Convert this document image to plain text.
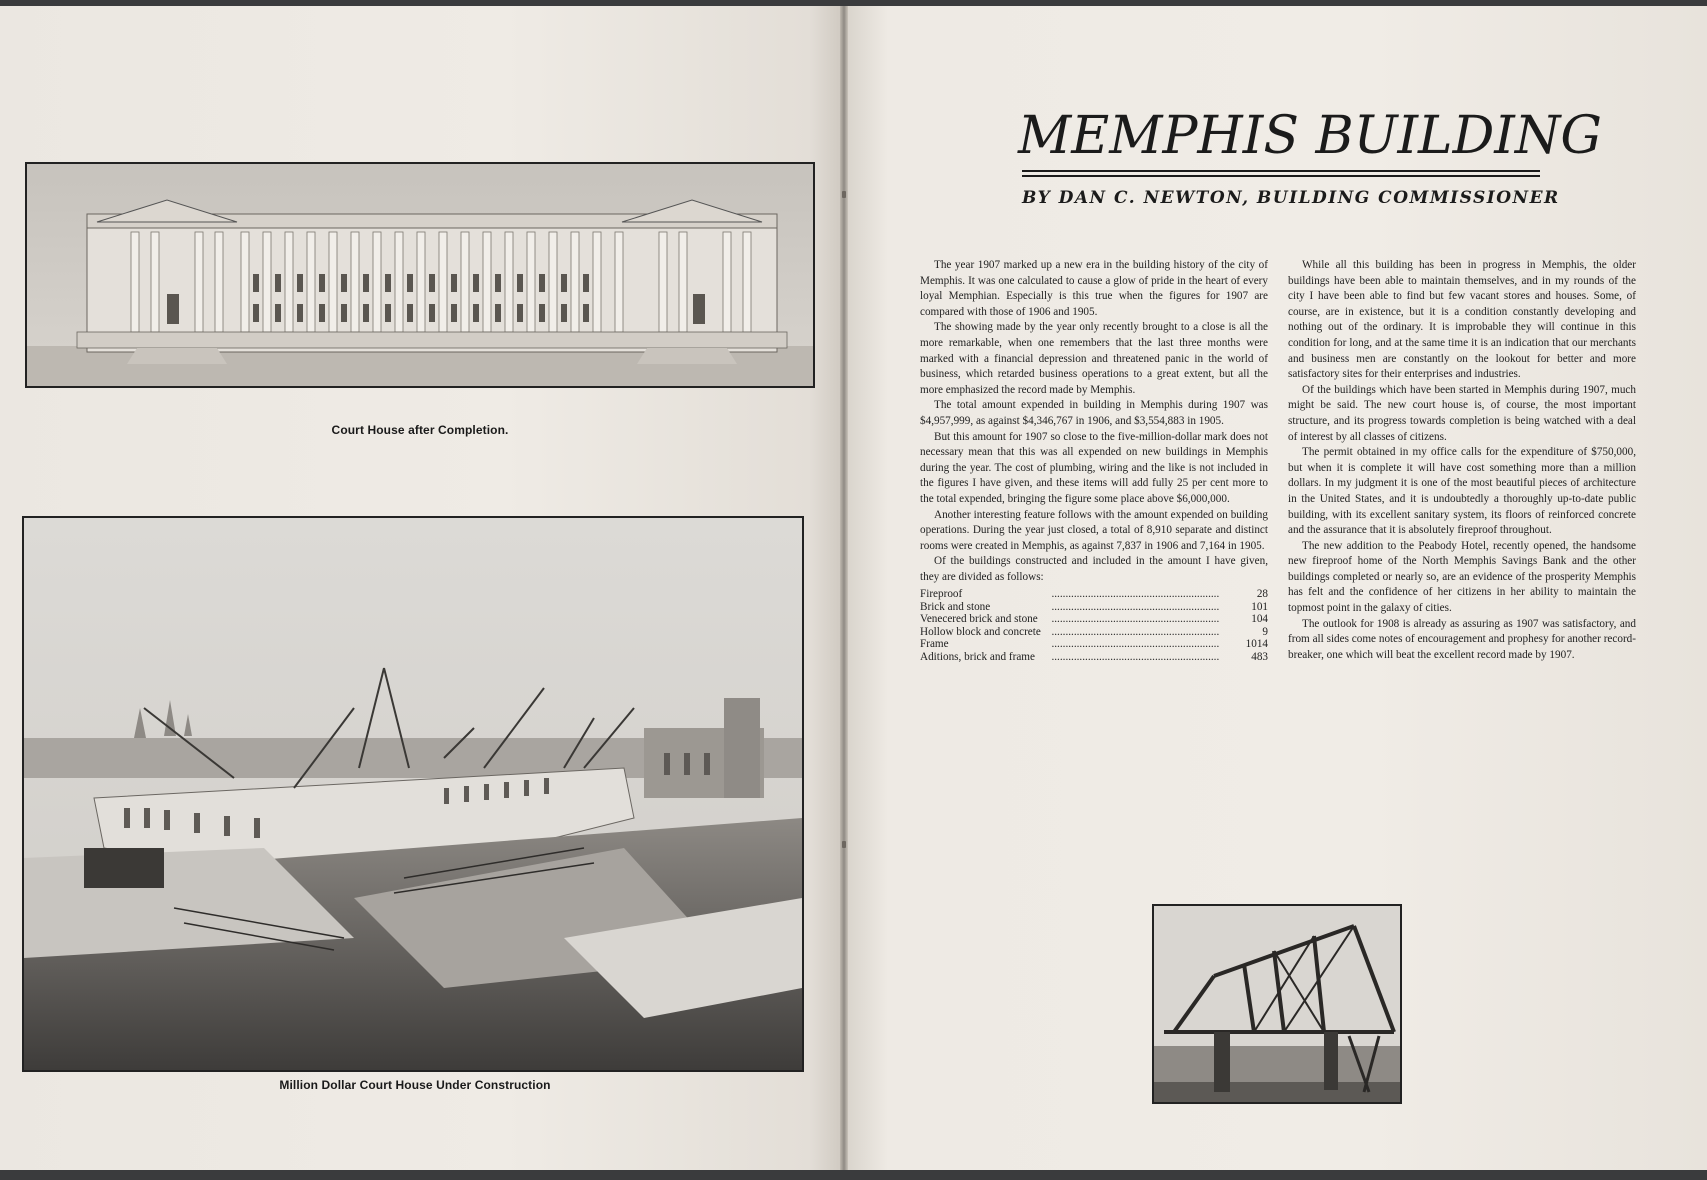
Court House after Completion.
Million Dollar Court House Under Construction
MEMPHIS BUILDING
BY DAN C. NEWTON, BUILDING COMMISSIONER

The year 1907 marked up a new era in the building history of the city of Memphis. It was one calculated to cause a glow of pride in the heart of every loyal Memphian. Especially is this true when the figures for 1907 are compared with those of 1906 and 1905.

The showing made by the year only recently brought to a close is all the more remarkable, when one remembers that the last three months were marked with a financial depression and threatened panic in the world of business, which retarded business operations to a great extent, but all the more emphasized the record made by Memphis.

The total amount expended in building in Memphis during 1907 was $4,957,999, as against $4,346,767 in 1906, and $3,554,883 in 1905.

But this amount for 1907 so close to the five-million-dollar mark does not necessary mean that this was all expended on new buildings in Memphis during the year. The cost of plumbing, wiring and the like is not included in the figures I have given, and these items will add fully 25 per cent more to the total expended, bringing the figure some place above $6,000,000.

Another interesting feature follows with the amount expended on building operations. During the year just closed, a total of 8,910 separate and distinct rooms were created in Memphis, as against 7,837 in 1906 and 7,164 in 1905.

Of the buildings constructed and included in the amount I have given, they are divided as follows:

Fireproof	............................................................	28
Brick and stone	............................................................	101
Venecered brick and stone	............................................................	104
Hollow block and concrete	............................................................	9
Frame	............................................................	1014
Aditions, brick and frame	............................................................	483

While all this building has been in progress in Memphis, the older buildings have been able to maintain themselves, and in my rounds of the city I have been able to find but few vacant stores and houses. Some, of course, are in existence, but it is a condition constantly developing and nothing out of the ordinary. It is improbable they will continue in this condition for long, and at the same time it is an indication that our merchants and business men are constantly on the lookout for better and more satisfactory sites for their enterprises and industries.

Of the buildings which have been started in Memphis during 1907, much might be said. The new court house is, of course, the most important structure, and its progress towards completion is being watched with a deal of interest by all classes of citizens.

The permit obtained in my office calls for the expenditure of $750,000, but when it is complete it will have cost something more than a million dollars. In my judgment it is one of the most beautiful pieces of architecture in the United States, and it is undoubtedly a thoroughly up-to-date public building, with its excellent sanitary system, its floors of reinforced concrete and the assurance that it is absolutely fireproof throughout.

The new addition to the Peabody Hotel, recently opened, the handsome new fireproof home of the North Memphis Savings Bank and the other buildings completed or nearly so, are an evidence of the prosperity Memphis has felt and the confidence of her citizens in her ability to maintain the topmost point in the galaxy of cities.

The outlook for 1908 is already as assuring as 1907 was satisfactory, and from all sides come notes of encouragement and prophesy for another record-breaker, one which will beat the excellent record made by 1907.
